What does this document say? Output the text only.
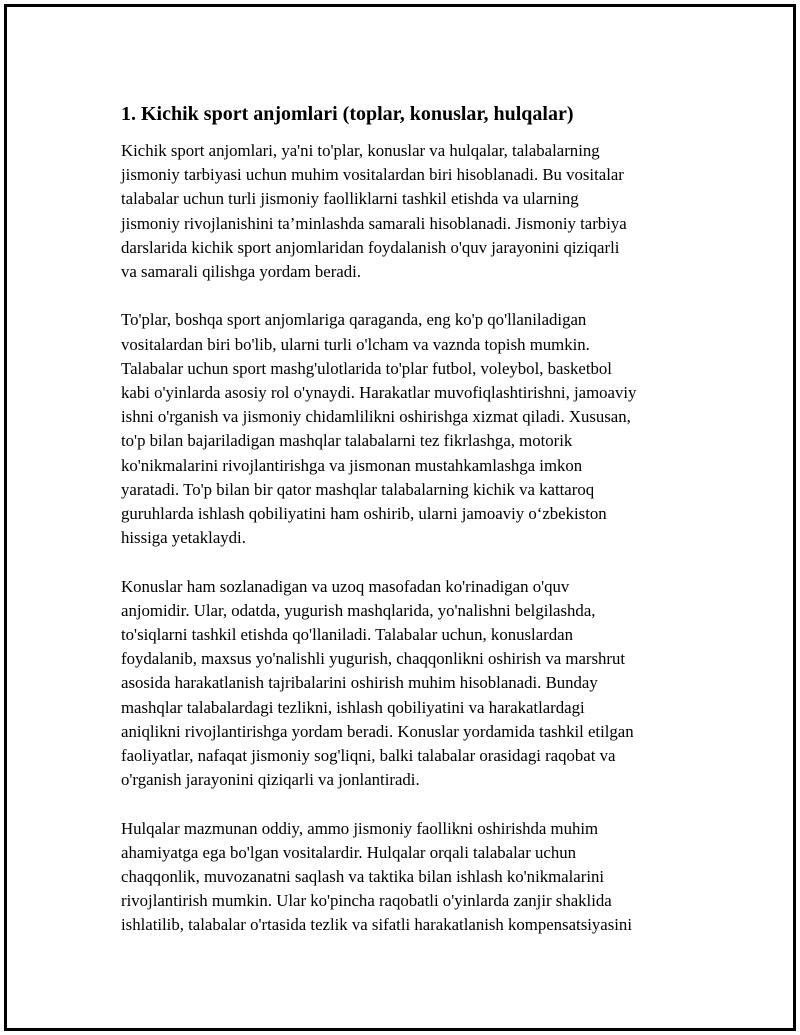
1. Kichik sport anjomlari (toplar, konuslar, hulqalar)

Kichik sport anjomlari, ya'ni to'plar, konuslar va hulqalar, talabalarning
jismoniy tarbiyasi uchun muhim vositalardan biri hisoblanadi. Bu vositalar
talabalar uchun turli jismoniy faolliklarni tashkil etishda va ularning
jismoniy rivojlanishini ta’minlashda samarali hisoblanadi. Jismoniy tarbiya
darslarida kichik sport anjomlaridan foydalanish o'quv jarayonini qiziqarli
va samarali qilishga yordam beradi.

To'plar, boshqa sport anjomlariga qaraganda, eng ko'p qo'llaniladigan
vositalardan biri bo'lib, ularni turli o'lcham va vaznda topish mumkin.
Talabalar uchun sport mashg'ulotlarida to'plar futbol, voleybol, basketbol
kabi o'yinlarda asosiy rol o'ynaydi. Harakatlar muvofiqlashtirishni, jamoaviy
ishni o'rganish va jismoniy chidamlilikni oshirishga xizmat qiladi. Xususan,
to'p bilan bajariladigan mashqlar talabalarni tez fikrlashga, motorik
ko'nikmalarini rivojlantirishga va jismonan mustahkamlashga imkon
yaratadi. To'p bilan bir qator mashqlar talabalarning kichik va kattaroq
guruhlarda ishlash qobiliyatini ham oshirib, ularni jamoaviy o‘zbekiston
hissiga yetaklaydi.

Konuslar ham sozlanadigan va uzoq masofadan ko'rinadigan o'quv
anjomidir. Ular, odatda, yugurish mashqlarida, yo'nalishni belgilashda,
to'siqlarni tashkil etishda qo'llaniladi. Talabalar uchun, konuslardan
foydalanib, maxsus yo'nalishli yugurish, chaqqonlikni oshirish va marshrut
asosida harakatlanish tajribalarini oshirish muhim hisoblanadi. Bunday
mashqlar talabalardagi tezlikni, ishlash qobiliyatini va harakatlardagi
aniqlikni rivojlantirishga yordam beradi. Konuslar yordamida tashkil etilgan
faoliyatlar, nafaqat jismoniy sog'liqni, balki talabalar orasidagi raqobat va
o'rganish jarayonini qiziqarli va jonlantiradi.

Hulqalar mazmunan oddiy, ammo jismoniy faollikni oshirishda muhim
ahamiyatga ega bo'lgan vositalardir. Hulqalar orqali talabalar uchun
chaqqonlik, muvozanatni saqlash va taktika bilan ishlash ko'nikmalarini
rivojlantirish mumkin. Ular ko'pincha raqobatli o'yinlarda zanjir shaklida
ishlatilib, talabalar o'rtasida tezlik va sifatli harakatlanish kompensatsiyasini
